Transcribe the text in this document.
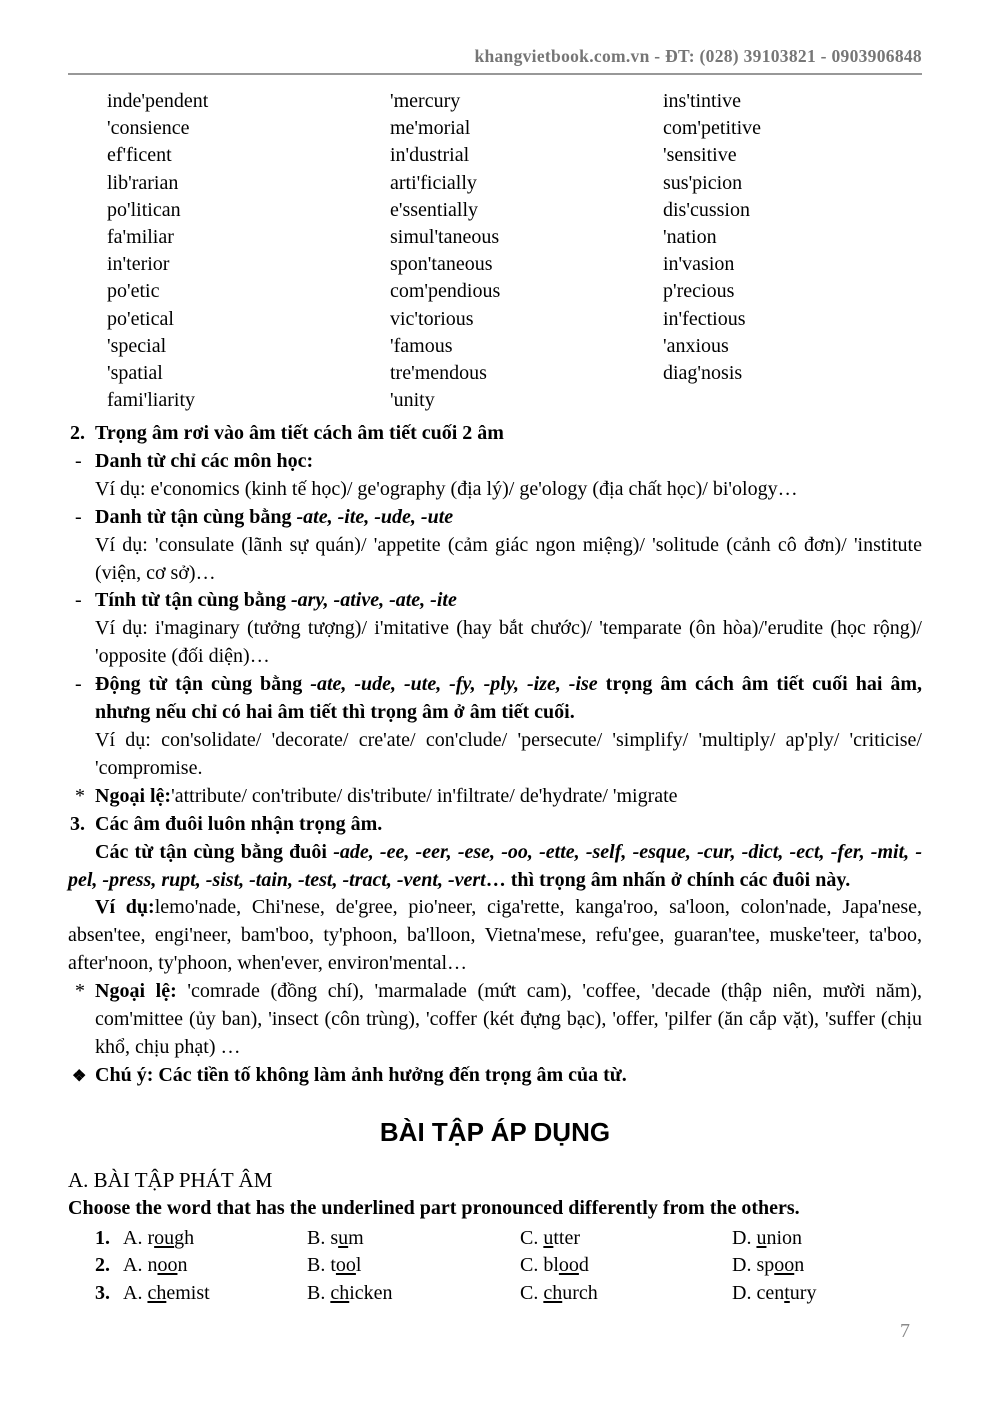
khangvietbook.com.vn - ĐT: (028) 39103821 - 0903906848
inde'pendent	'mercury	ins'tintive
'consience	me'morial	com'petitive
ef'ficent	in'dustrial	'sensitive
lib'rarian	arti'ficially	sus'picion
po'litican	e'ssentially	dis'cussion
fa'miliar	simul'taneous	'nation
in'terior	spon'taneous	in'vasion
po'etic	com'pendious	p'recious
po'etical	vic'torious	in'fectious
'special	'famous	'anxious
'spatial	tre'mendous	diag'nosis
fami'liarity	'unity
2. Trọng âm rơi vào âm tiết cách âm tiết cuối 2 âm
- Danh từ chỉ các môn học:
Ví dụ: e'conomics (kinh tế học)/ ge'ography (địa lý)/ ge'ology (địa chất học)/ bi'ology…
- Danh từ tận cùng bằng -ate, -ite, -ude, -ute
Ví dụ: 'consulate (lãnh sự quán)/ 'appetite (cảm giác ngon miệng)/ 'solitude (cảnh cô đơn)/ 'institute (viện, cơ sở)…
- Tính từ tận cùng bằng -ary, -ative, -ate, -ite
Ví dụ: i'maginary (tưởng tượng)/ i'mitative (hay bắt chước)/ 'temparate (ôn hòa)/'erudite (học rộng)/ 'opposite (đối diện)…
- Động từ tận cùng bằng -ate, -ude, -ute, -fy, -ply, -ize, -ise trọng âm cách âm tiết cuối hai âm, nhưng nếu chỉ có hai âm tiết thì trọng âm ở âm tiết cuối.
Ví dụ: con'solidate/ 'decorate/ cre'ate/ con'clude/ 'persecute/ 'simplify/ 'multiply/ ap'ply/ 'criticise/ 'compromise.
* Ngoại lệ:'attribute/ con'tribute/ dis'tribute/ in'filtrate/ de'hydrate/ 'migrate
3. Các âm đuôi luôn nhận trọng âm.
Các từ tận cùng bằng đuôi -ade, -ee, -eer, -ese, -oo, -ette, -self, -esque, -cur, -dict, -ect, -fer, -mit, -pel, -press, rupt, -sist, -tain, -test, -tract, -vent, -vert… thì trọng âm nhấn ở chính các đuôi này.
Ví dụ:lemo'nade, Chi'nese, de'gree, pio'neer, ciga'rette, kanga'roo, sa'loon, colon'nade, Japa'nese, absen'tee, engi'neer, bam'boo, ty'phoon, ba'lloon, Vietna'mese, refu'gee, guaran'tee, muske'teer, ta'boo, after'noon, ty'phoon, when'ever, environ'mental…
* Ngoại lệ: 'comrade (đồng chí), 'marmalade (mứt cam), 'coffee, 'decade (thập niên, mười năm), com'mittee (ủy ban), 'insect (côn trùng), 'coffer (két đựng bạc), 'offer, 'pilfer (ăn cắp vặt), 'suffer (chịu khổ, chịu phạt) …
❖ Chú ý: Các tiền tố không làm ảnh hưởng đến trọng âm của từ.
BÀI TẬP ÁP DỤNG
A. BÀI TẬP PHÁT ÂM
Choose the word that has the underlined part pronounced differently from the others.
1. A. rough	B. sum	C. utter	D. union
2. A. noon	B. tool	C. blood	D. spoon
3. A. chemist	B. chicken	C. church	D. century
7
